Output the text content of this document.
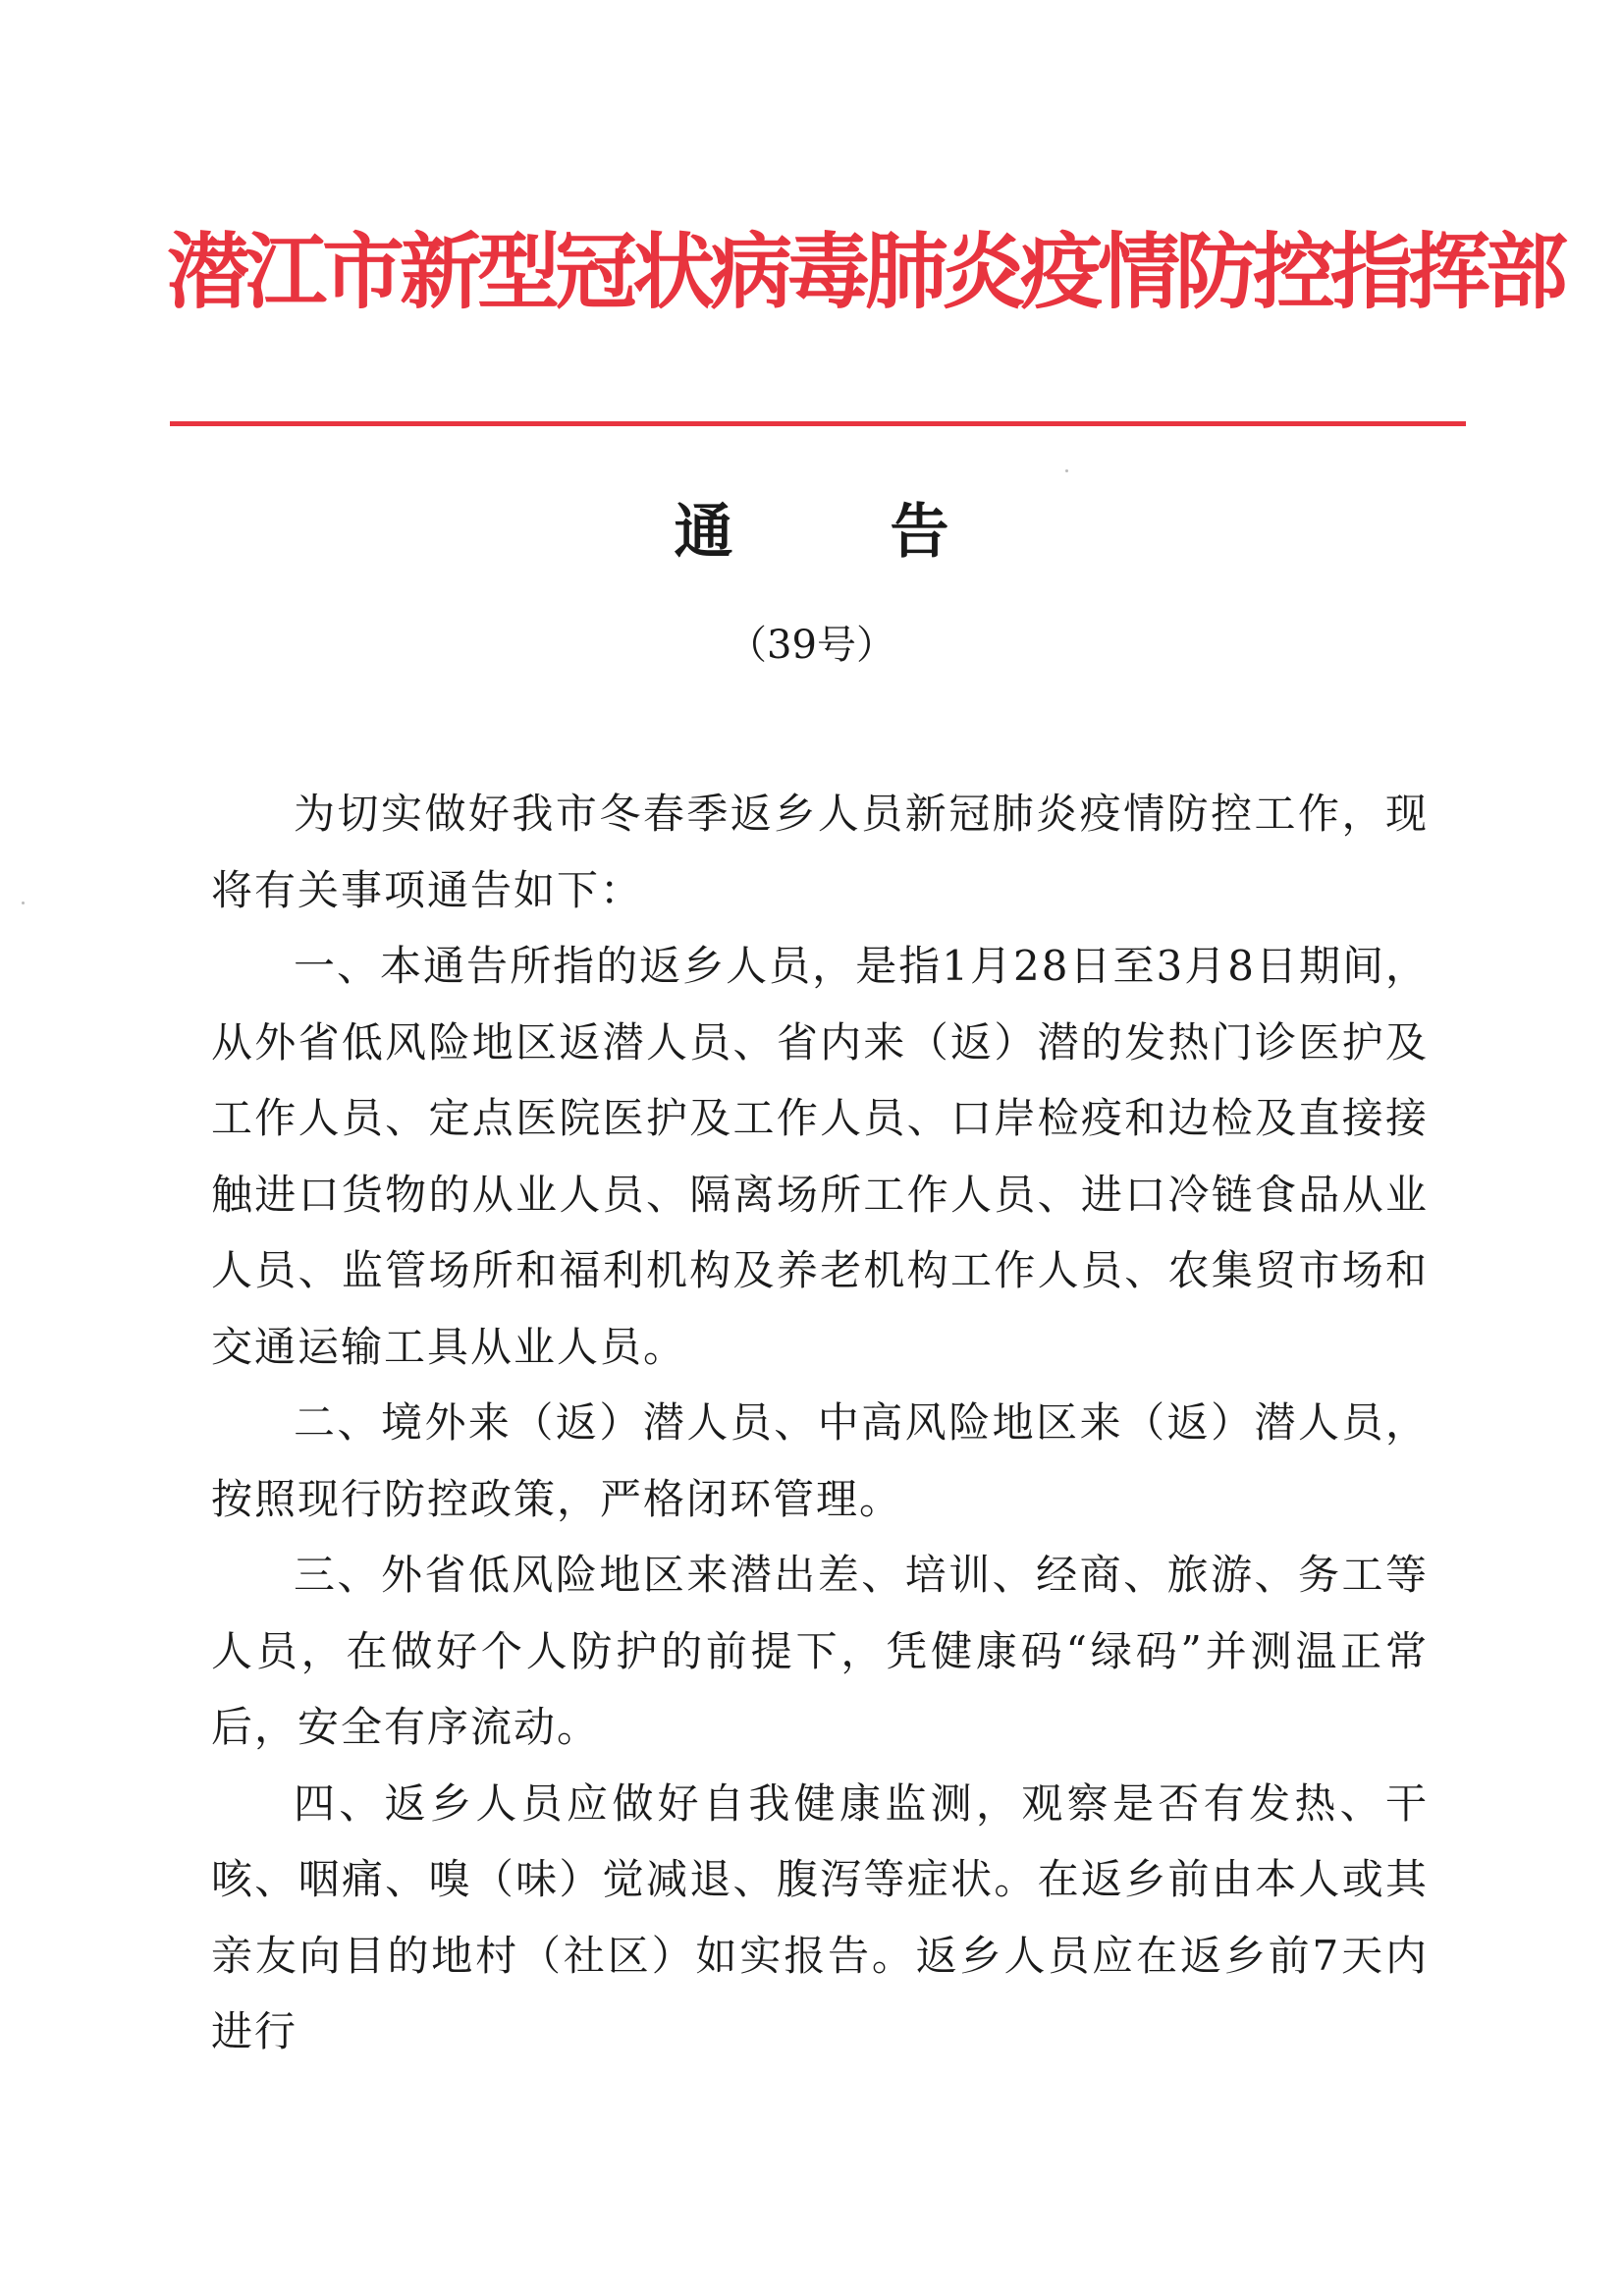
潜江市新型冠状病毒肺炎疫情防控指挥部
通告
（39号）

为切实做好我市冬春季返乡人员新冠肺炎疫情防控工作，现将有关事项通告如下：

一、本通告所指的返乡人员，是指1月28日至3月8日期间，从外省低风险地区返潜人员、省内来（返）潜的发热门诊医护及工作人员、定点医院医护及工作人员、口岸检疫和边检及直接接触进口货物的从业人员、隔离场所工作人员、进口冷链食品从业人员、监管场所和福利机构及养老机构工作人员、农集贸市场和交通运输工具从业人员。

二、境外来（返）潜人员、中高风险地区来（返）潜人员，按照现行防控政策，严格闭环管理。

三、外省低风险地区来潜出差、培训、经商、旅游、务工等人员，在做好个人防护的前提下，凭健康码“绿码”并测温正常后，安全有序流动。

四、返乡人员应做好自我健康监测，观察是否有发热、干咳、咽痛、嗅（味）觉减退、腹泻等症状。在返乡前由本人或其亲友向目的地村（社区）如实报告。返乡人员应在返乡前7天内进行
